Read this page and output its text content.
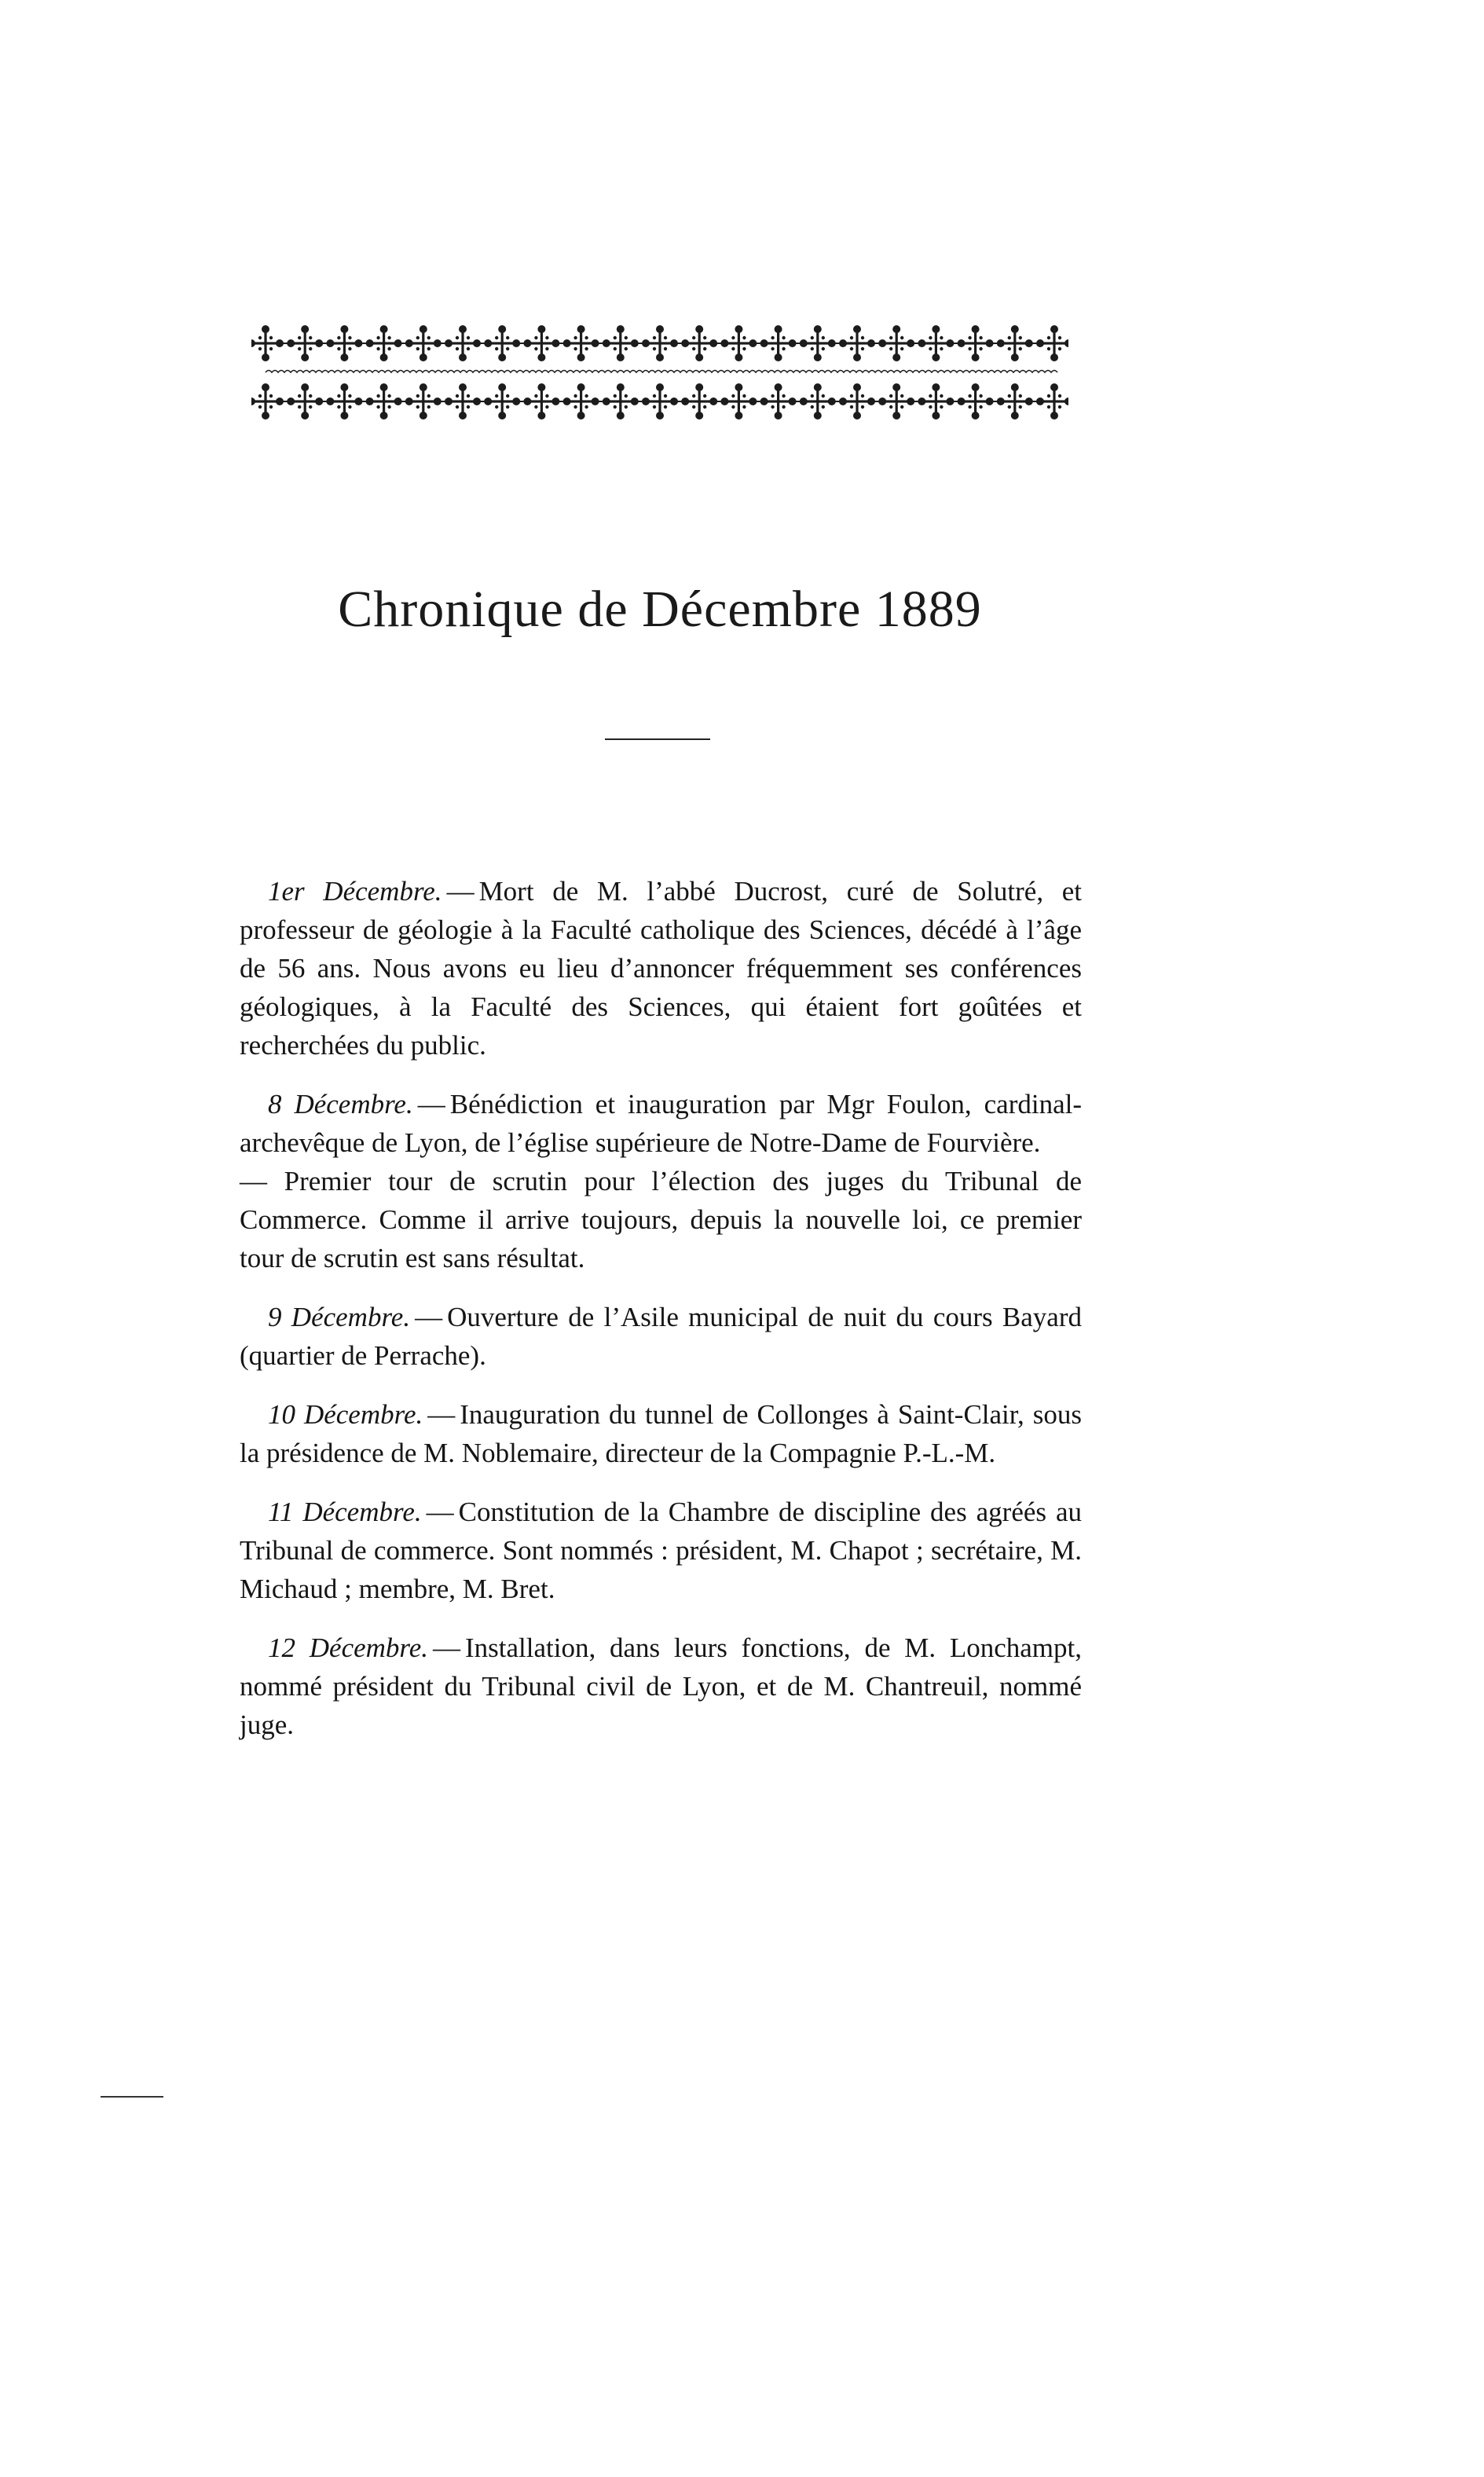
Chronique de Décembre 1889

1er Décembre. — Mort de M. l’abbé Ducrost, curé de Solutré, et professeur de géologie à la Faculté catholique des Sciences, décédé à l’âge de 56 ans. Nous avons eu lieu d’annoncer fréquemment ses conférences géologiques, à la Faculté des Sciences, qui étaient fort goûtées et recherchées du public.

8 Décembre. — Bénédiction et inauguration par Mgr Foulon, cardinal-archevêque de Lyon, de l’église supérieure de Notre-Dame de Fourvière.

— Premier tour de scrutin pour l’élection des juges du Tribunal de Commerce. Comme il arrive toujours, depuis la nouvelle loi, ce premier tour de scrutin est sans résultat.

9 Décembre. — Ouverture de l’Asile municipal de nuit du cours Bayard (quartier de Perrache).

10 Décembre. — Inauguration du tunnel de Collonges à Saint-Clair, sous la présidence de M. Noblemaire, directeur de la Compagnie P.-L.-M.

11 Décembre. — Constitution de la Chambre de discipline des agréés au Tribunal de commerce. Sont nommés : président, M. Chapot ; secrétaire, M. Michaud ; membre, M. Bret.

12 Décembre. — Installation, dans leurs fonctions, de M. Lonchampt, nommé président du Tribunal civil de Lyon, et de M. Chantreuil, nommé juge.
